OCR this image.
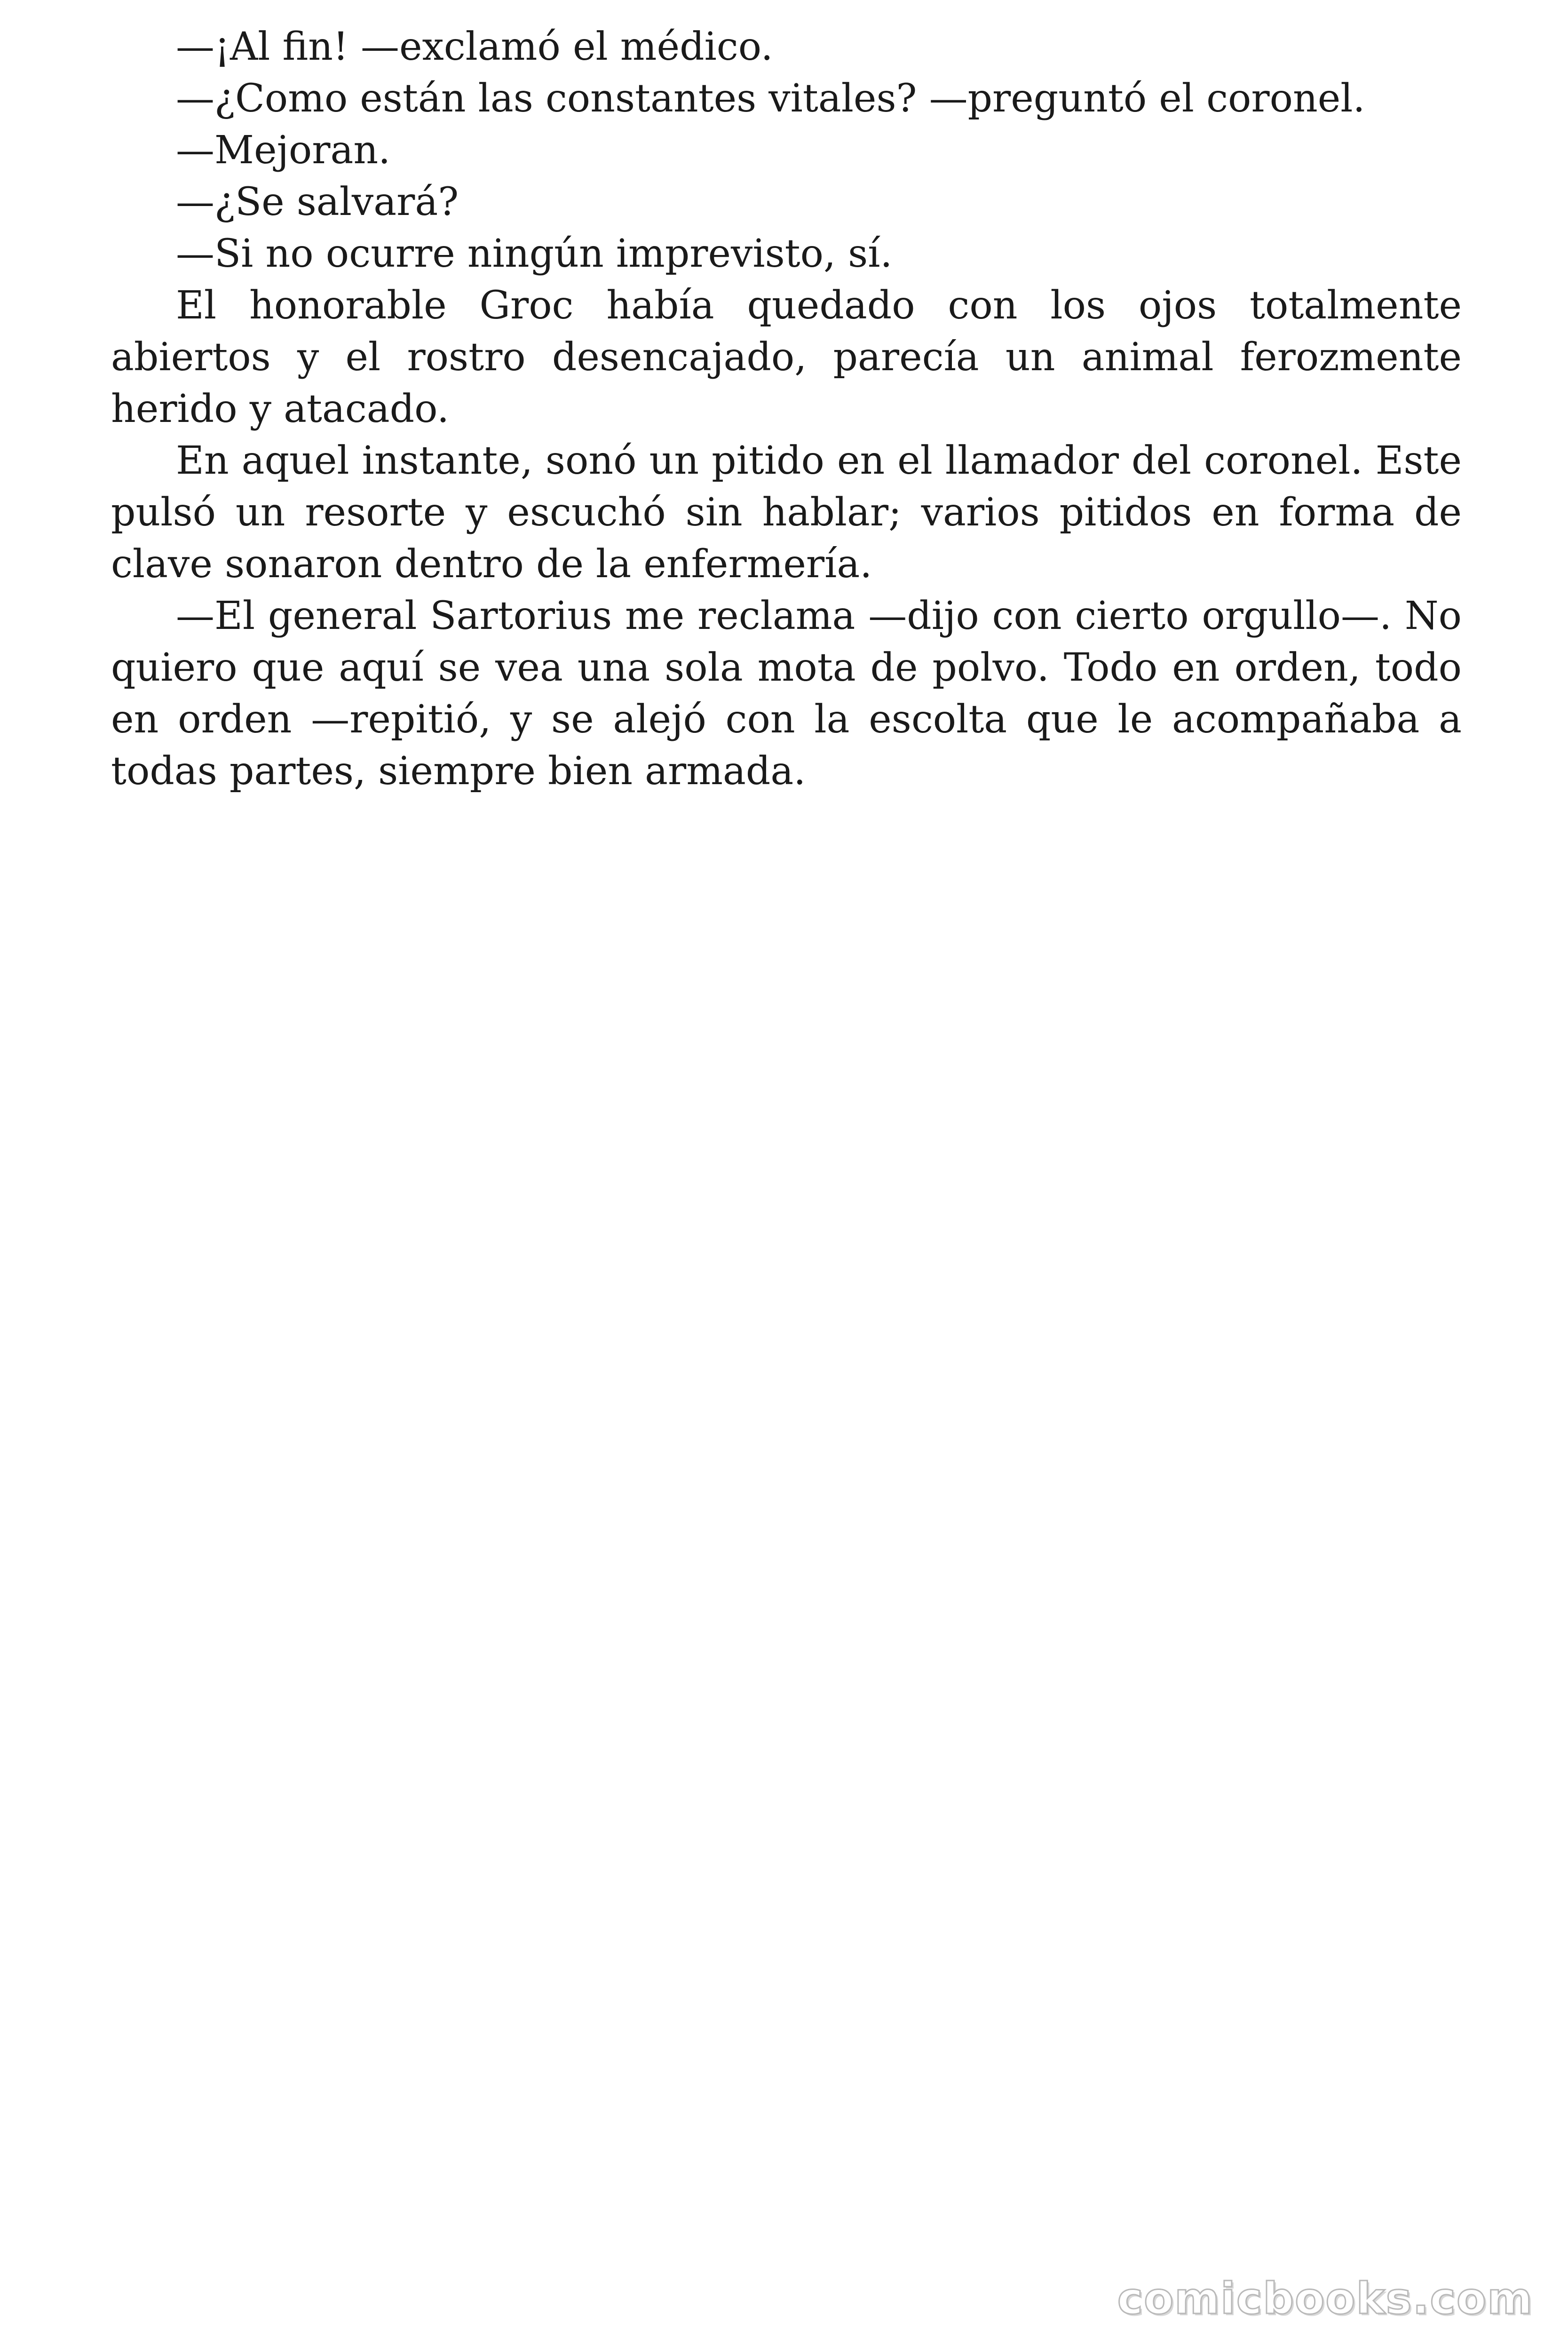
—¡Al fin! —exclamó el médico.

—¿Como están las constantes vitales? —preguntó el coronel.

—Mejoran.

—¿Se salvará?

—Si no ocurre ningún imprevisto, sí.

El honorable Groc había quedado con los ojos totalmente abiertos y el rostro desencajado, parecía un animal ferozmente herido y atacado.

En aquel instante, sonó un pitido en el llamador del coronel. Este pulsó un resorte y escuchó sin hablar; varios pitidos en forma de clave sonaron dentro de la enfermería.

—El general Sartorius me reclama —dijo con cierto orgullo—. No quiero que aquí se vea una sola mota de polvo. Todo en orden, todo en orden —repitió, y se alejó con la escolta que le acompañaba a todas partes, siempre bien armada.

comicbooks.com
